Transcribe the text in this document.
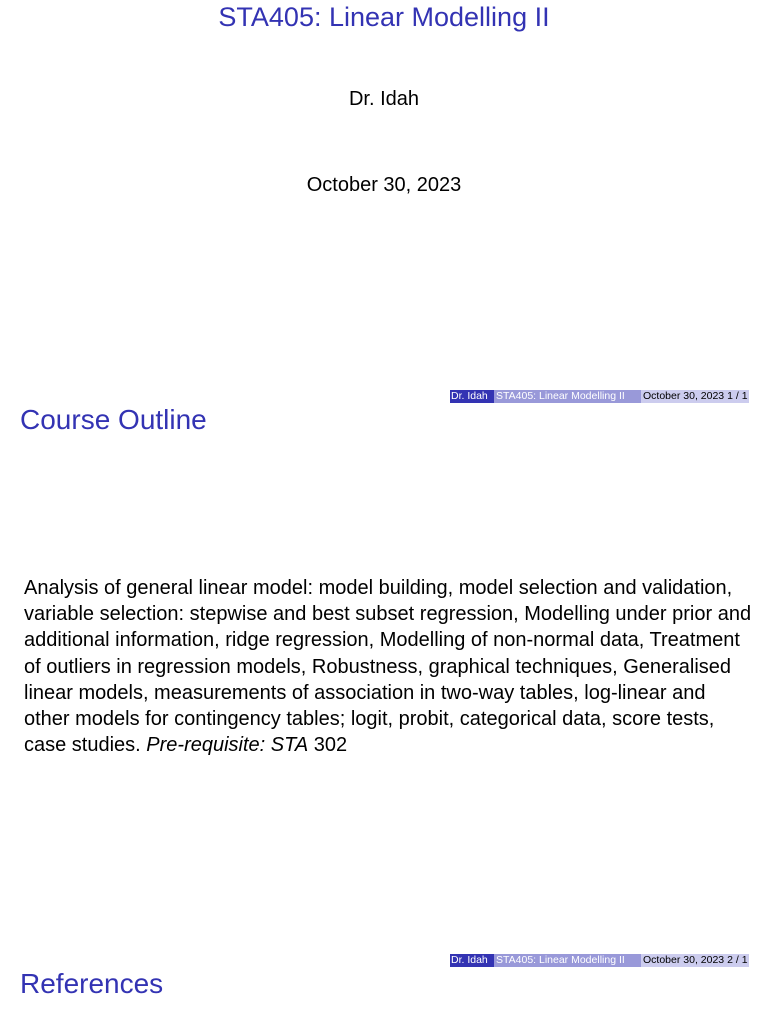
STA405: Linear Modelling II
Dr. Idah
October 30, 2023
Dr. Idah STA405: Linear Modelling II	October 30, 2023 1 / 1
Course Outline
Analysis of general linear model: model building, model selection and validation, variable selection: stepwise and best subset regression, Modelling under prior and additional information, ridge regression, Modelling of non-normal data, Treatment of outliers in regression models, Robustness, graphical techniques, Generalised linear models, measurements of association in two-way tables, log-linear and other models for contingency tables; logit, probit, categorical data, score tests, case studies. Pre-requisite: STA 302
Dr. Idah STA405: Linear Modelling II	October 30, 2023 2 / 1
References
